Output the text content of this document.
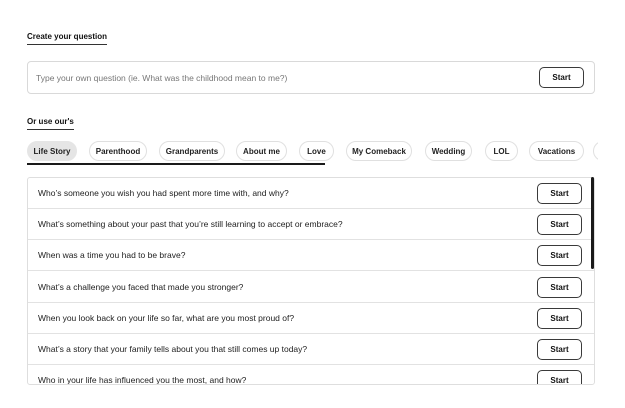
Create your question
Type your own question (ie. What was the childhood mean to me?)
Start
Or use our's
Life Story	Parenthood	Grandparents	About me	Love	My Comeback	Wedding	LOL	Vacations
Who’s someone you wish you had spent more time with, and why?	Start
What’s something about your past that you’re still learning to accept or embrace?	Start
When was a time you had to be brave?	Start
What’s a challenge you faced that made you stronger?	Start
When you look back on your life so far, what are you most proud of?	Start
What’s a story that your family tells about you that still comes up today?	Start
Who in your life has influenced you the most, and how?	Start
